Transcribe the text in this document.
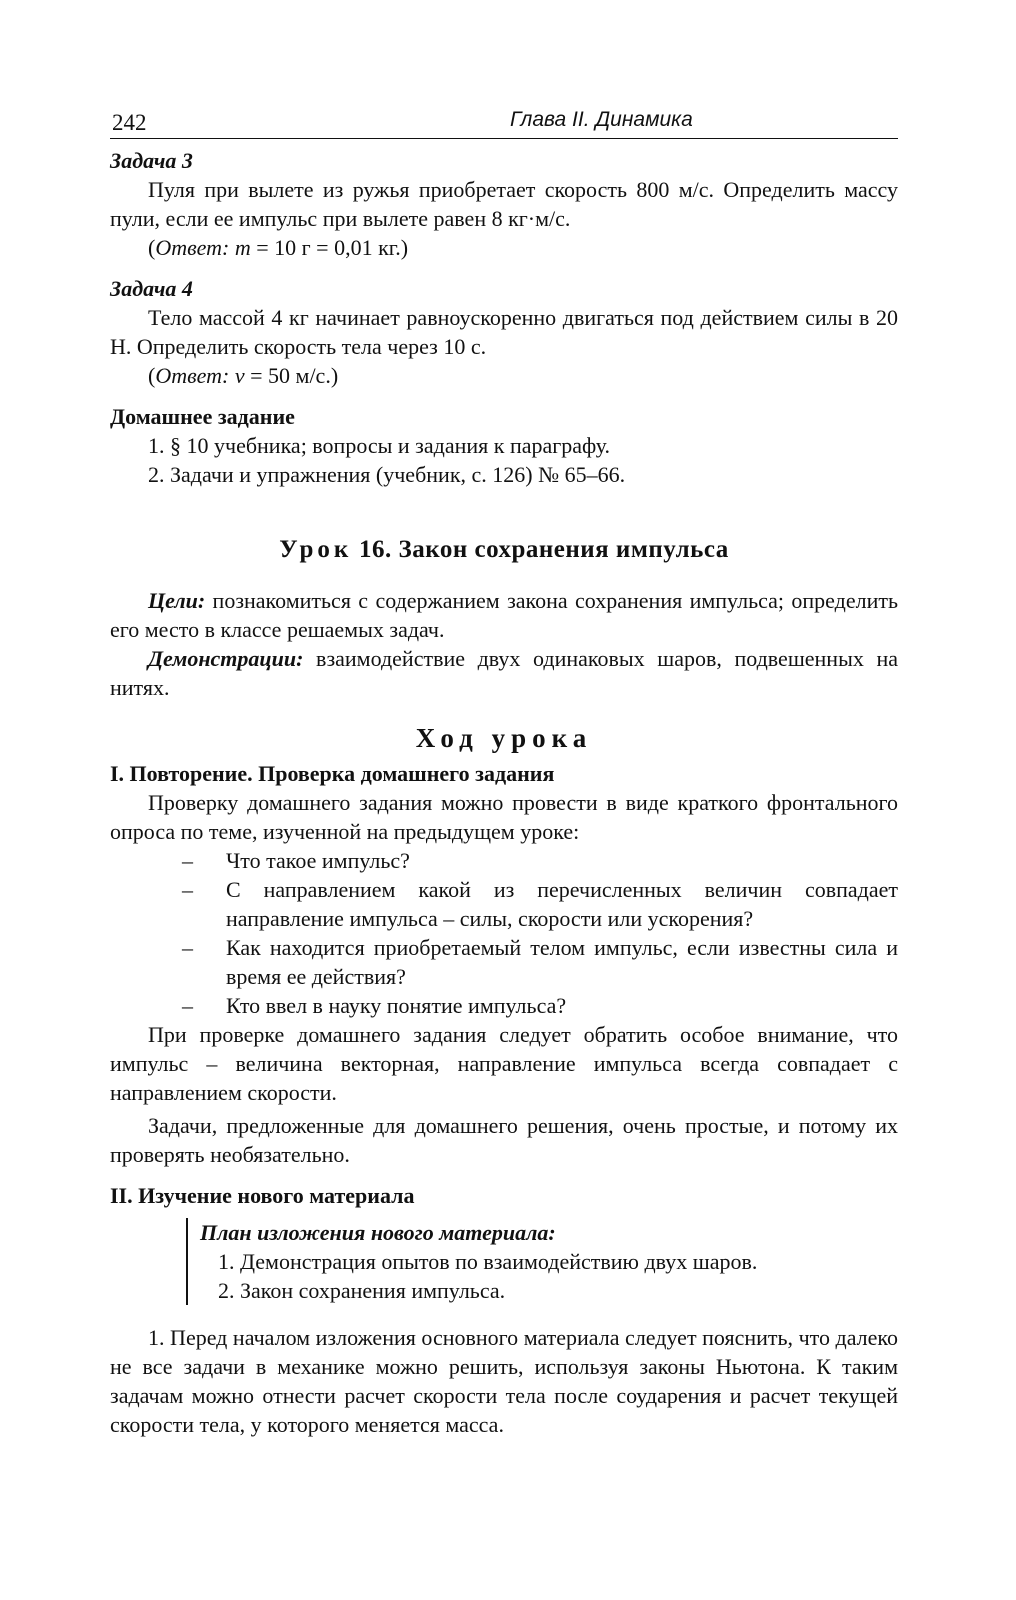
242	Глава II. Динамика

Задача 3

Пуля при вылете из ружья приобретает скорость 800 м/с. Определить массу пули, если ее импульс при вылете равен 8 кг·м/с.

(Ответ: m = 10 г = 0,01 кг.)

Задача 4

Тело массой 4 кг начинает равноускоренно двигаться под действием силы в 20 Н. Определить скорость тела через 10 с.

(Ответ: v = 50 м/с.)

Домашнее задание

1. § 10 учебника; вопросы и задания к параграфу.

2. Задачи и упражнения (учебник, с. 126) № 65–66.

Урок 16. Закон сохранения импульса

Цели: познакомиться с содержанием закона сохранения импульса; определить его место в классе решаемых задач.

Демонстрации: взаимодействие двух одинаковых шаров, подвешенных на нитях.

Ход урока

I. Повторение. Проверка домашнего задания

Проверку домашнего задания можно провести в виде краткого фронтального опроса по теме, изученной на предыдущем уроке:

– Что такое импульс?
– С направлением какой из перечисленных величин совпадает направление импульса – силы, скорости или ускорения?
– Как находится приобретаемый телом импульс, если известны сила и время ее действия?
– Кто ввел в науку понятие импульса?

При проверке домашнего задания следует обратить особое внимание, что импульс – величина векторная, направление импульса всегда совпадает с направлением скорости.

Задачи, предложенные для домашнего решения, очень простые, и потому их проверять необязательно.

II. Изучение нового материала

План изложения нового материала:

1. Демонстрация опытов по взаимодействию двух шаров.

2. Закон сохранения импульса.

1. Перед началом изложения основного материала следует пояснить, что далеко не все задачи в механике можно решить, используя законы Ньютона. К таким задачам можно отнести расчет скорости тела после соударения и расчет текущей скорости тела, у которого меняется масса.
